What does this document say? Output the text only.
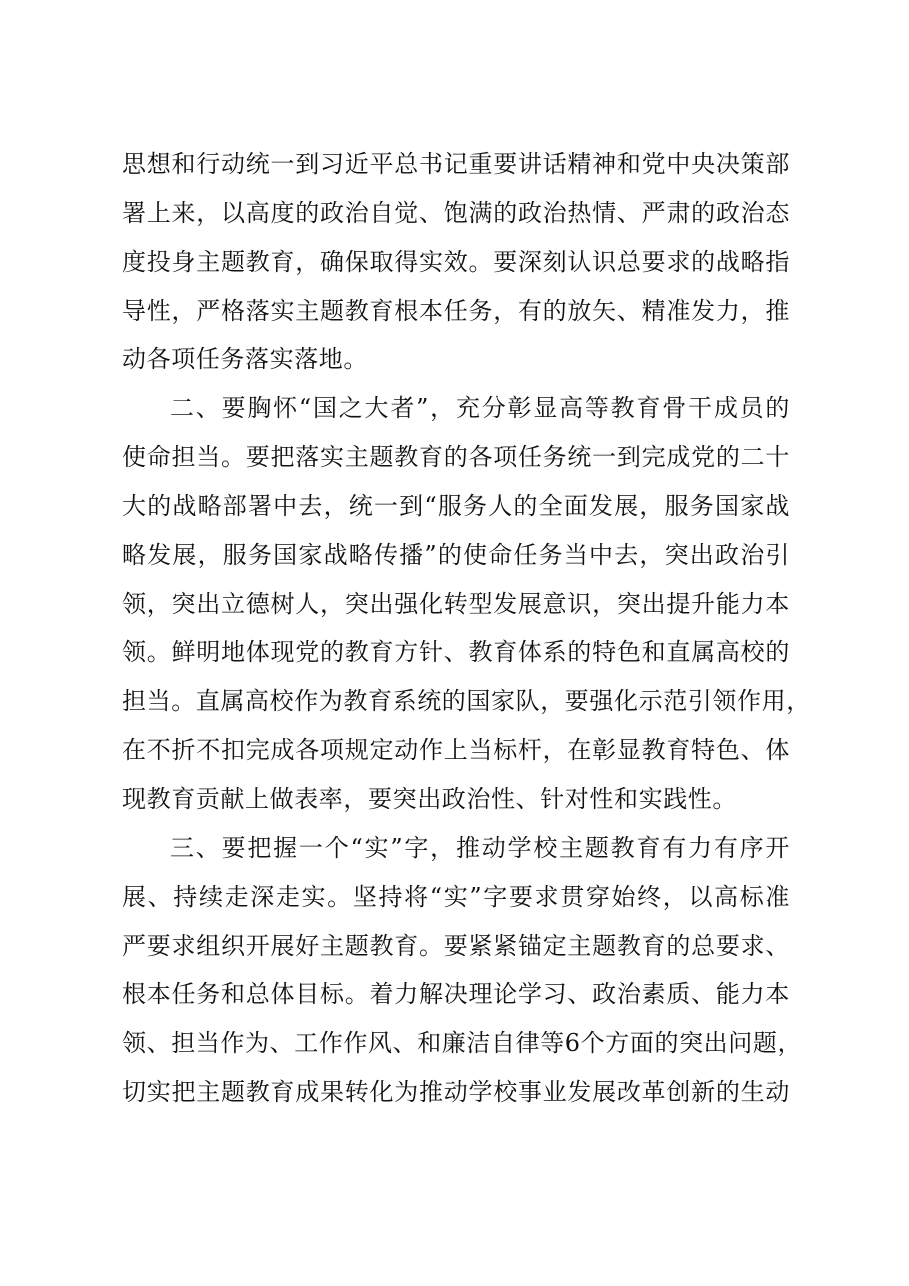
思想和行动统一到习近平总书记重要讲话精神和党中央决策部
署上来，以高度的政治自觉、饱满的政治热情、严肃的政治态
度投身主题教育，确保取得实效。要深刻认识总要求的战略指
导性，严格落实主题教育根本任务，有的放矢、精准发力，推
动各项任务落实落地。
二、要胸怀“国之大者”，充分彰显高等教育骨干成员的
使命担当。要把落实主题教育的各项任务统一到完成党的二十
大的战略部署中去，统一到“服务人的全面发展，服务国家战
略发展，服务国家战略传播”的使命任务当中去，突出政治引
领，突出立德树人，突出强化转型发展意识，突出提升能力本
领。鲜明地体现党的教育方针、教育体系的特色和直属高校的
担当。直属高校作为教育系统的国家队，要强化示范引领作用，
在不折不扣完成各项规定动作上当标杆，在彰显教育特色、体
现教育贡献上做表率，要突出政治性、针对性和实践性。
三、要把握一个“实”字，推动学校主题教育有力有序开
展、持续走深走实。坚持将“实”字要求贯穿始终，以高标准
严要求组织开展好主题教育。要紧紧锚定主题教育的总要求、
根本任务和总体目标。着力解决理论学习、政治素质、能力本
领、担当作为、工作作风、和廉洁自律等6个方面的突出问题，
切实把主题教育成果转化为推动学校事业发展改革创新的生动
